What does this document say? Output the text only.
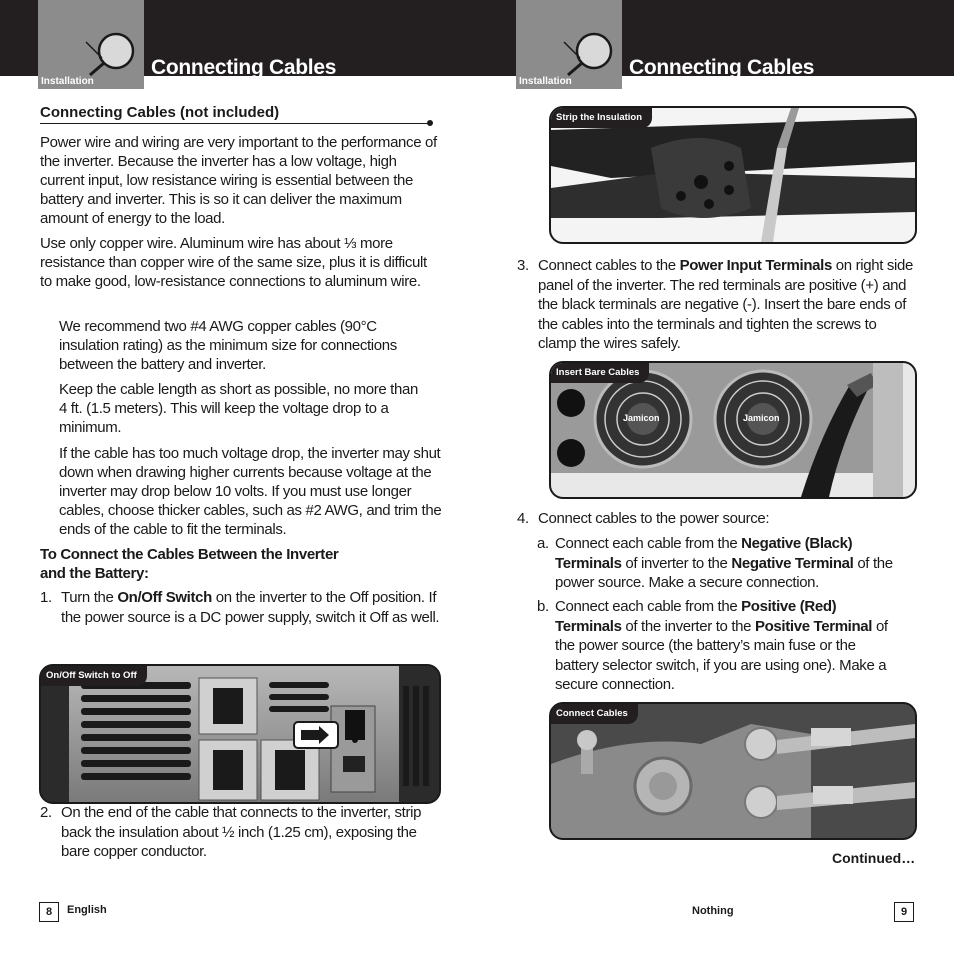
Installation
Connecting Cables
Connecting Cables (not included)

Power wire and wiring are very important to the performance of the inverter. Because the inverter has a low voltage, high current input, low resistance wiring is essential between the battery and inverter. This is so it can deliver the maximum amount of energy to the load.

Use only copper wire. Aluminum wire has about ⅓ more resistance than copper wire of the same size, plus it is difficult to make good, low-resistance connections to aluminum wire.

We recommend two #4 AWG copper cables (90°C insulation rating) as the minimum size for connections between the battery and inverter.

Keep the cable length as short as possible, no more than 4 ft. (1.5 meters). This will keep the voltage drop to a minimum.

If the cable has too much voltage drop, the inverter may shut down when drawing higher currents because voltage at the inverter may drop below 10 volts. If you must use longer cables, choose thicker cables, such as #2 AWG, and trim the ends of the cable to fit the terminals.

To Connect the Cables Between the Inverter
and the Battery:
1. Turn the On/Off Switch on the inverter to the Off position. If the power source is a DC power supply, switch it Off as well.
On/Off Switch to Off
2. On the end of the cable that connects to the inverter, strip back the insulation about ½ inch (1.25 cm), exposing the bare copper conductor.
8	English
Installation
Connecting Cables
Strip the Insulation
3. Connect cables to the Power Input Terminals on right side panel of the inverter. The red terminals are positive (+) and the black terminals are negative (-). Insert the bare ends of the cables into the terminals and tighten the screws to clamp the wires safely.
Jamicon	Jamicon
Insert Bare Cables
4. Connect cables to the power source:
a. Connect each cable from the Negative (Black) Terminals of inverter to the Negative Terminal of the power source. Make a secure connection.
b. Connect each cable from the Positive (Red) Terminals of the inverter to the Positive Terminal of the power source (the battery’s main fuse or the battery selector switch, if you are using one). Make a secure connection.
Connect Cables
Continued…
Nothing	9
